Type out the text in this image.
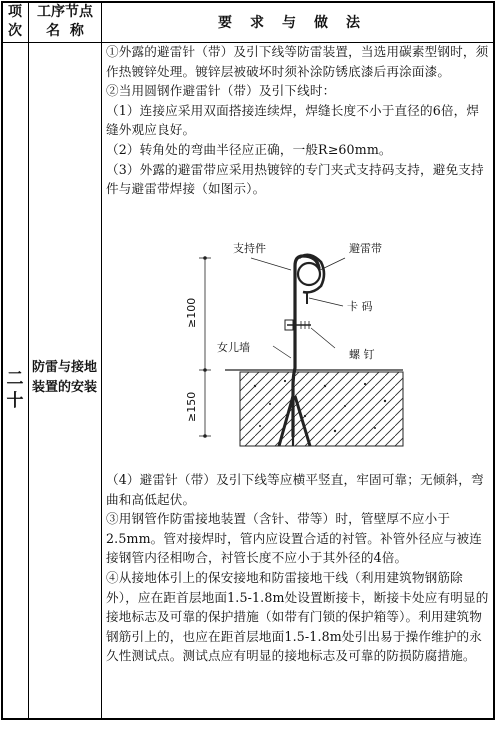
项
次
工序节点
名  称	要求与做法
二
十
防雷与接地装置的安装

①外露的避雷针（带）及引下线等防雷装置，当选用碳素型钢时，须作热镀锌处理。镀锌层被破坏时须补涂防锈底漆后再涂面漆。

②当用圆钢作避雷针（带）及引下线时：

（1）连接应采用双面搭接连续焊，焊缝长度不小于直径的6倍，焊缝外观应良好。

（2）转角处的弯曲半径应正确，一般R≥60mm。

（3）外露的避雷带应采用热镀锌的专门夹式支持码支持，避免支持件与避雷带焊接（如图示）。

≥100
≥150
支持件	避雷带
卡 码
女儿墙
螺 钉

（4）避雷针（带）及引下线等应横平竖直，牢固可靠；无倾斜，弯曲和高低起伏。

③用钢管作防雷接地装置（含针、带等）时，管壁厚不应小于2.5mm。管对接焊时，管内应设置合适的衬管。补管外径应与被连接钢管内径相吻合，衬管长度不应小于其外径的4倍。

④从接地体引上的保安接地和防雷接地干线（利用建筑物钢筋除外），应在距首层地面1.5-1.8m处设置断接卡，断接卡处应有明显的接地标志及可靠的保护措施（如带有门锁的保护箱等）。利用建筑物钢筋引上的，也应在距首层地面1.5-1.8m处引出易于操作维护的永久性测试点。测试点应有明显的接地标志及可靠的防损防腐措施。
